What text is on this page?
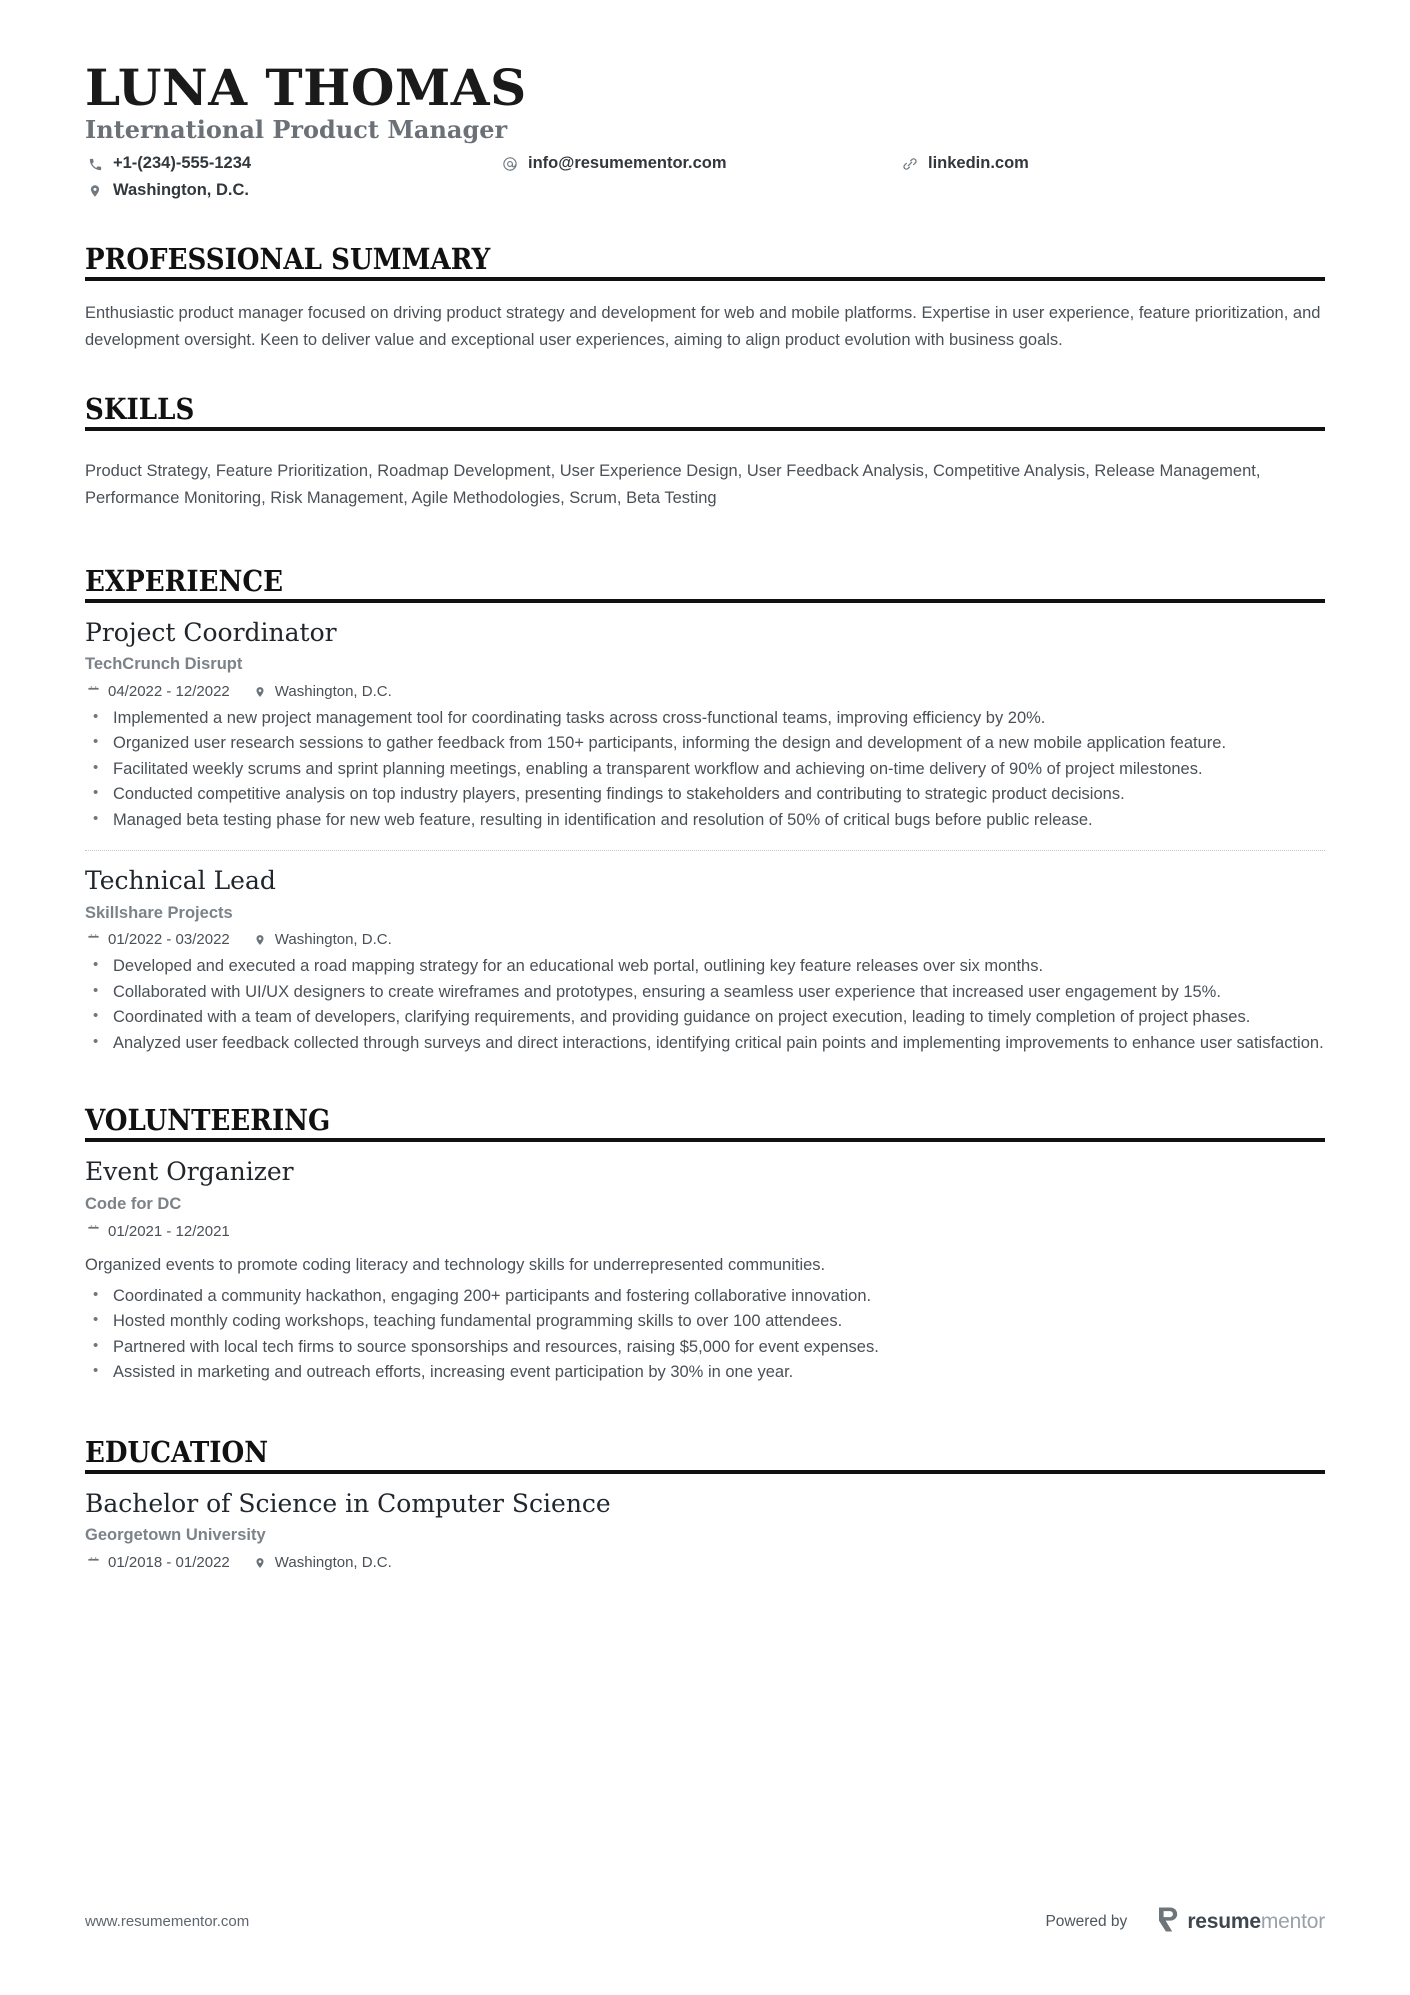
LUNA THOMAS
International Product Manager
+1-(234)-555-1234	info@resumementor.com	linkedin.com
Washington, D.C.
PROFESSIONAL SUMMARY

Enthusiastic product manager focused on driving product strategy and development for web and mobile platforms. Expertise in user experience, feature prioritization, and development oversight. Keen to deliver value and exceptional user experiences, aiming to align product evolution with business goals.

SKILLS

Product Strategy, Feature Prioritization, Roadmap Development, User Experience Design, User Feedback Analysis, Competitive Analysis, Release Management, Performance Monitoring, Risk Management, Agile Methodologies, Scrum, Beta Testing

EXPERIENCE
Project Coordinator
TechCrunch Disrupt
04/2022 - 12/2022	Washington, D.C.
• Implemented a new project management tool for coordinating tasks across cross-functional teams, improving efficiency by 20%.
• Organized user research sessions to gather feedback from 150+ participants, informing the design and development of a new mobile application feature.
• Facilitated weekly scrums and sprint planning meetings, enabling a transparent workflow and achieving on-time delivery of 90% of project milestones.
• Conducted competitive analysis on top industry players, presenting findings to stakeholders and contributing to strategic product decisions.
• Managed beta testing phase for new web feature, resulting in identification and resolution of 50% of critical bugs before public release.
Technical Lead
Skillshare Projects
01/2022 - 03/2022	Washington, D.C.
• Developed and executed a road mapping strategy for an educational web portal, outlining key feature releases over six months.
• Collaborated with UI/UX designers to create wireframes and prototypes, ensuring a seamless user experience that increased user engagement by 15%.
• Coordinated with a team of developers, clarifying requirements, and providing guidance on project execution, leading to timely completion of project phases.
• Analyzed user feedback collected through surveys and direct interactions, identifying critical pain points and implementing improvements to enhance user satisfaction.
VOLUNTEERING
Event Organizer
Code for DC
01/2021 - 12/2021

Organized events to promote coding literacy and technology skills for underrepresented communities.

• Coordinated a community hackathon, engaging 200+ participants and fostering collaborative innovation.
• Hosted monthly coding workshops, teaching fundamental programming skills to over 100 attendees.
• Partnered with local tech firms to source sponsorships and resources, raising $5,000 for event expenses.
• Assisted in marketing and outreach efforts, increasing event participation by 30% in one year.
EDUCATION
Bachelor of Science in Computer Science
Georgetown University
01/2018 - 01/2022	Washington, D.C.
www.resumementor.com	Powered by	resumementor
